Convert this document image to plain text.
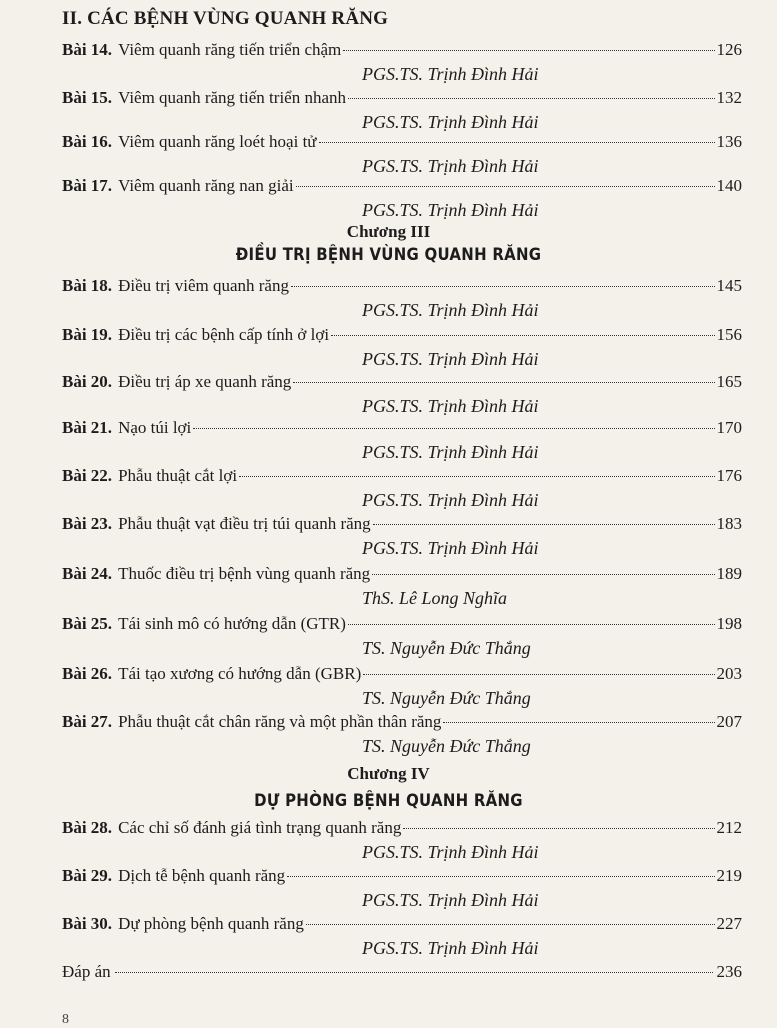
II. CÁC BỆNH VÙNG QUANH RĂNG
Bài 14. Viêm quanh răng tiến triển chậm	126
PGS.TS. Trịnh Đình Hải
Bài 15. Viêm quanh răng tiến triển nhanh	132
PGS.TS. Trịnh Đình Hải
Bài 16. Viêm quanh răng loét hoại tử	136
PGS.TS. Trịnh Đình Hải
Bài 17. Viêm quanh răng nan giải	140
PGS.TS. Trịnh Đình Hải
Chương III
ĐIỀU TRỊ BỆNH VÙNG QUANH RĂNG
Bài 18. Điều trị viêm quanh răng	145
PGS.TS. Trịnh Đình Hải
Bài 19. Điều trị các bệnh cấp tính ở lợi	156
PGS.TS. Trịnh Đình Hải
Bài 20. Điều trị áp xe quanh răng	165
PGS.TS. Trịnh Đình Hải
Bài 21. Nạo túi lợi	170
PGS.TS. Trịnh Đình Hải
Bài 22. Phẫu thuật cắt lợi	176
PGS.TS. Trịnh Đình Hải
Bài 23. Phẫu thuật vạt điều trị túi quanh răng	183
PGS.TS. Trịnh Đình Hải
Bài 24. Thuốc điều trị bệnh vùng quanh răng	189
ThS. Lê Long Nghĩa
Bài 25. Tái sinh mô có hướng dẫn (GTR)	198
TS. Nguyễn Đức Thắng
Bài 26. Tái tạo xương có hướng dẫn (GBR)	203
TS. Nguyễn Đức Thắng
Bài 27. Phẫu thuật cắt chân răng và một phần thân răng	207
TS. Nguyễn Đức Thắng
Chương IV
DỰ PHÒNG BỆNH QUANH RĂNG
Bài 28. Các chỉ số đánh giá tình trạng quanh răng	212
PGS.TS. Trịnh Đình Hải
Bài 29. Dịch tễ bệnh quanh răng	219
PGS.TS. Trịnh Đình Hải
Bài 30. Dự phòng bệnh quanh răng	227
PGS.TS. Trịnh Đình Hải
Đáp án	236
8
